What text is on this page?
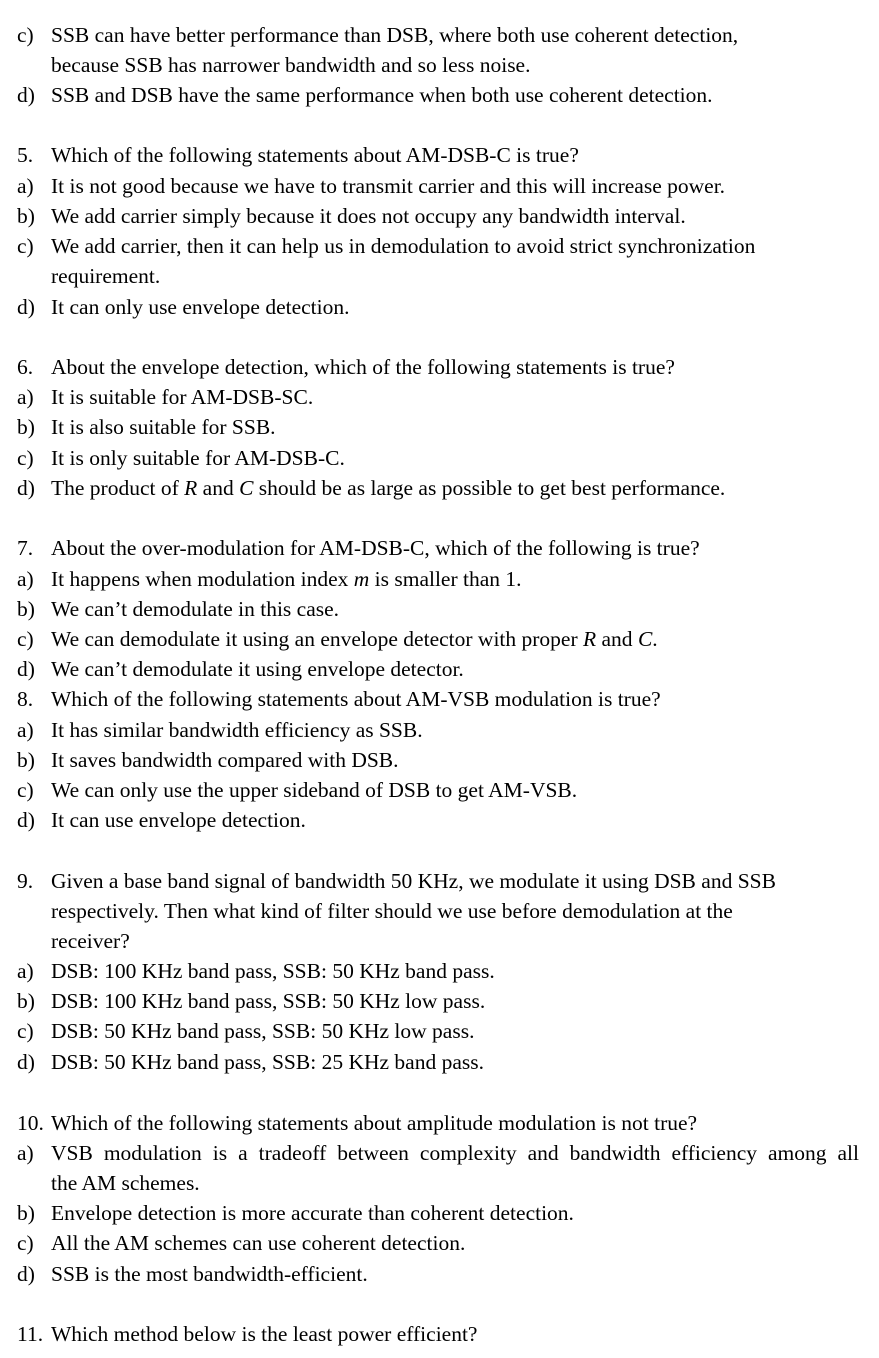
c) SSB can have better performance than DSB, where both use coherent detection,
because SSB has narrower bandwidth and so less noise.
d) SSB and DSB have the same performance when both use coherent detection.
5. Which of the following statements about AM-DSB-C is true?
a) It is not good because we have to transmit carrier and this will increase power.
b) We add carrier simply because it does not occupy any bandwidth interval.
c) We add carrier, then it can help us in demodulation to avoid strict synchronization
requirement.
d) It can only use envelope detection.
6. About the envelope detection, which of the following statements is true?
a) It is suitable for AM-DSB-SC.
b) It is also suitable for SSB.
c) It is only suitable for AM-DSB-C.
d) The product of R and C should be as large as possible to get best performance.
7. About the over-modulation for AM-DSB-C, which of the following is true?
a) It happens when modulation index m is smaller than 1.
b) We can’t demodulate in this case.
c) We can demodulate it using an envelope detector with proper R and C.
d) We can’t demodulate it using envelope detector.
8. Which of the following statements about AM-VSB modulation is true?
a) It has similar bandwidth efficiency as SSB.
b) It saves bandwidth compared with DSB.
c) We can only use the upper sideband of DSB to get AM-VSB.
d) It can use envelope detection.
9. Given a base band signal of bandwidth 50 KHz, we modulate it using DSB and SSB
respectively. Then what kind of filter should we use before demodulation at the
receiver?
a) DSB: 100 KHz band pass, SSB: 50 KHz band pass.
b) DSB: 100 KHz band pass, SSB: 50 KHz low pass.
c) DSB: 50 KHz band pass, SSB: 50 KHz low pass.
d) DSB: 50 KHz band pass, SSB: 25 KHz band pass.
10. Which of the following statements about amplitude modulation is not true?
a) VSB modulation is a tradeoff between complexity and bandwidth efficiency among all
the AM schemes.
b) Envelope detection is more accurate than coherent detection.
c) All the AM schemes can use coherent detection.
d) SSB is the most bandwidth-efficient.
11. Which method below is the least power efficient?
